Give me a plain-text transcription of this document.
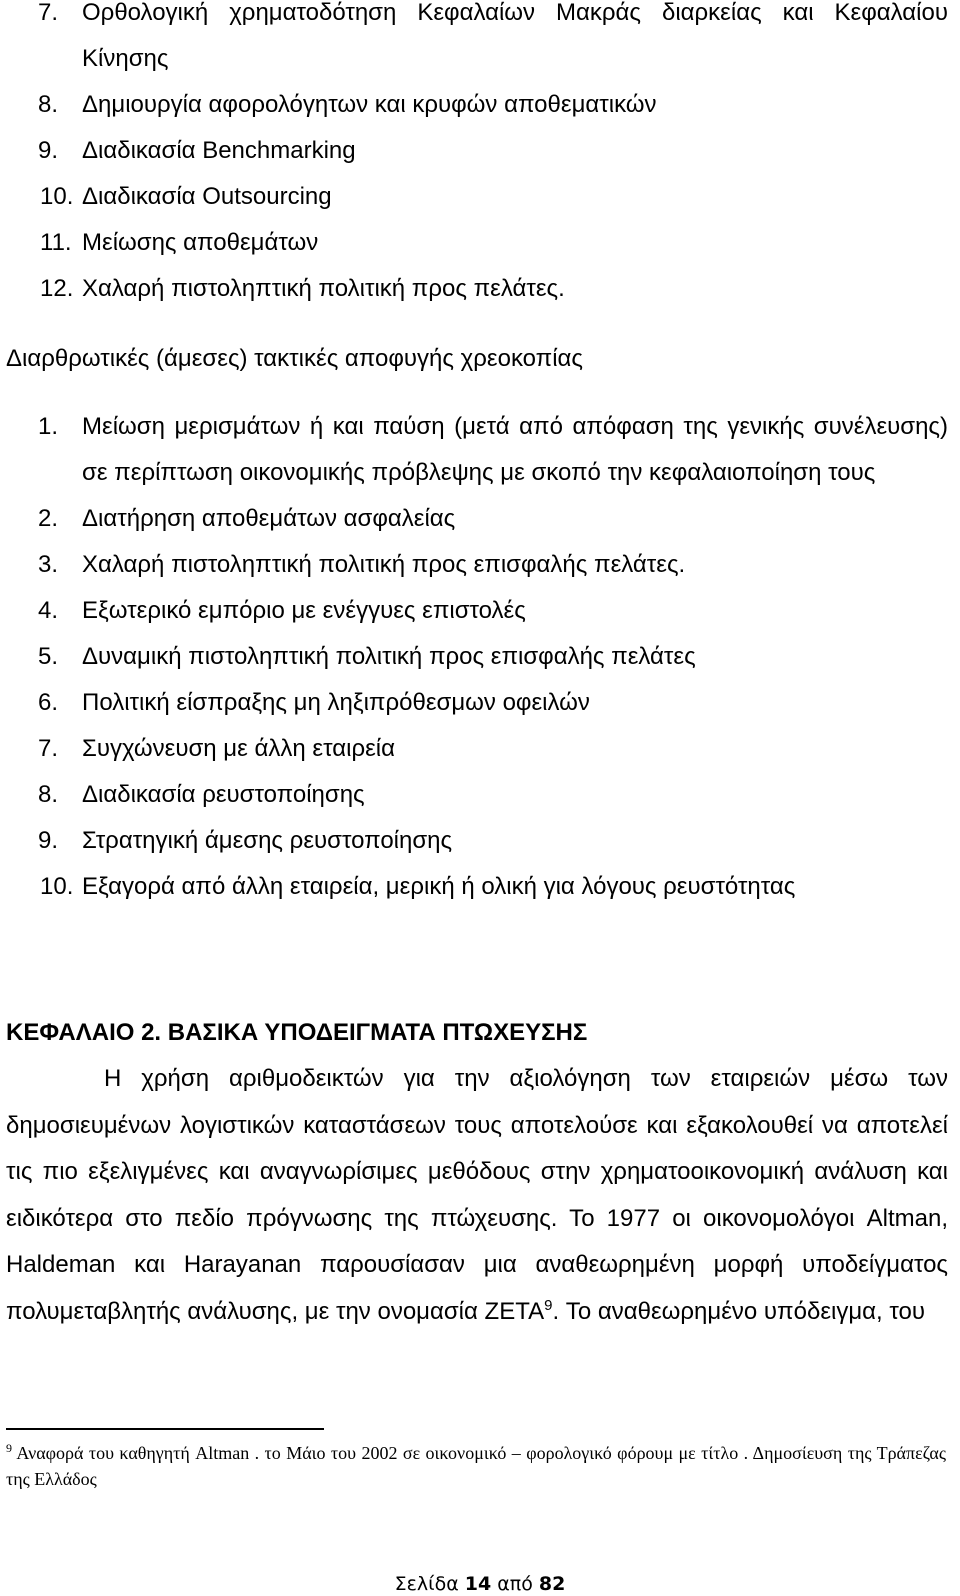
7. Ορθολογική χρηματοδότηση Κεφαλαίων Μακράς διαρκείας και Κεφαλαίου Κίνησης
8. Δημιουργία αφορολόγητων και κρυφών αποθεματικών
9. Διαδικασία Benchmarking
10. Διαδικασία Outsourcing
11. Μείωσης αποθεμάτων
12. Χαλαρή πιστοληπτική πολιτική προς πελάτες.

Διαρθρωτικές (άμεσες) τακτικές αποφυγής χρεοκοπίας

1. Μείωση μερισμάτων ή και παύση (μετά από απόφαση της γενικής συνέλευσης) σε περίπτωση οικονομικής πρόβλεψης με σκοπό την κεφαλαιοποίηση τους
2. Διατήρηση αποθεμάτων ασφαλείας
3. Χαλαρή πιστοληπτική πολιτική προς επισφαλής πελάτες.
4. Εξωτερικό εμπόριο με ενέγγυες επιστολές
5. Δυναμική πιστοληπτική πολιτική προς επισφαλής πελάτες
6. Πολιτική είσπραξης μη ληξιπρόθεσμων οφειλών
7. Συγχώνευση με άλλη εταιρεία
8. Διαδικασία ρευστοποίησης
9. Στρατηγική άμεσης ρευστοποίησης
10. Εξαγορά από άλλη εταιρεία, μερική ή ολική για λόγους ρευστότητας
ΚΕΦΑΛΑΙΟ 2. ΒΑΣΙΚΑ ΥΠΟΔΕΙΓΜΑΤΑ ΠΤΩΧΕΥΣΗΣ

Η χρήση αριθμοδεικτών για την αξιολόγηση των εταιρειών μέσω των δημοσιευμένων λογιστικών καταστάσεων τους αποτελούσε και εξακολουθεί να αποτελεί τις πιο εξελιγμένες και αναγνωρίσιμες μεθόδους στην χρηματοοικονομική ανάλυση και ειδικότερα στο πεδίο πρόγνωσης της πτώχευσης. Το 1977 οι οικονομολόγοι Altman, Haldeman και Harayanan παρουσίασαν μια αναθεωρημένη μορφή υποδείγματος πολυμεταβλητής ανάλυσης, με την ονομασία ZETA$^9$. Το αναθεωρημένο υπόδειγμα, του

$^9$ Αναφορά του καθηγητή Altman . το Μάιο του 2002 σε οικονομικό – φορολογικό φόρουμ με τίτλο . Δημοσίευση της Τράπεζας της Ελλάδος

Σελίδα 14 από 82
